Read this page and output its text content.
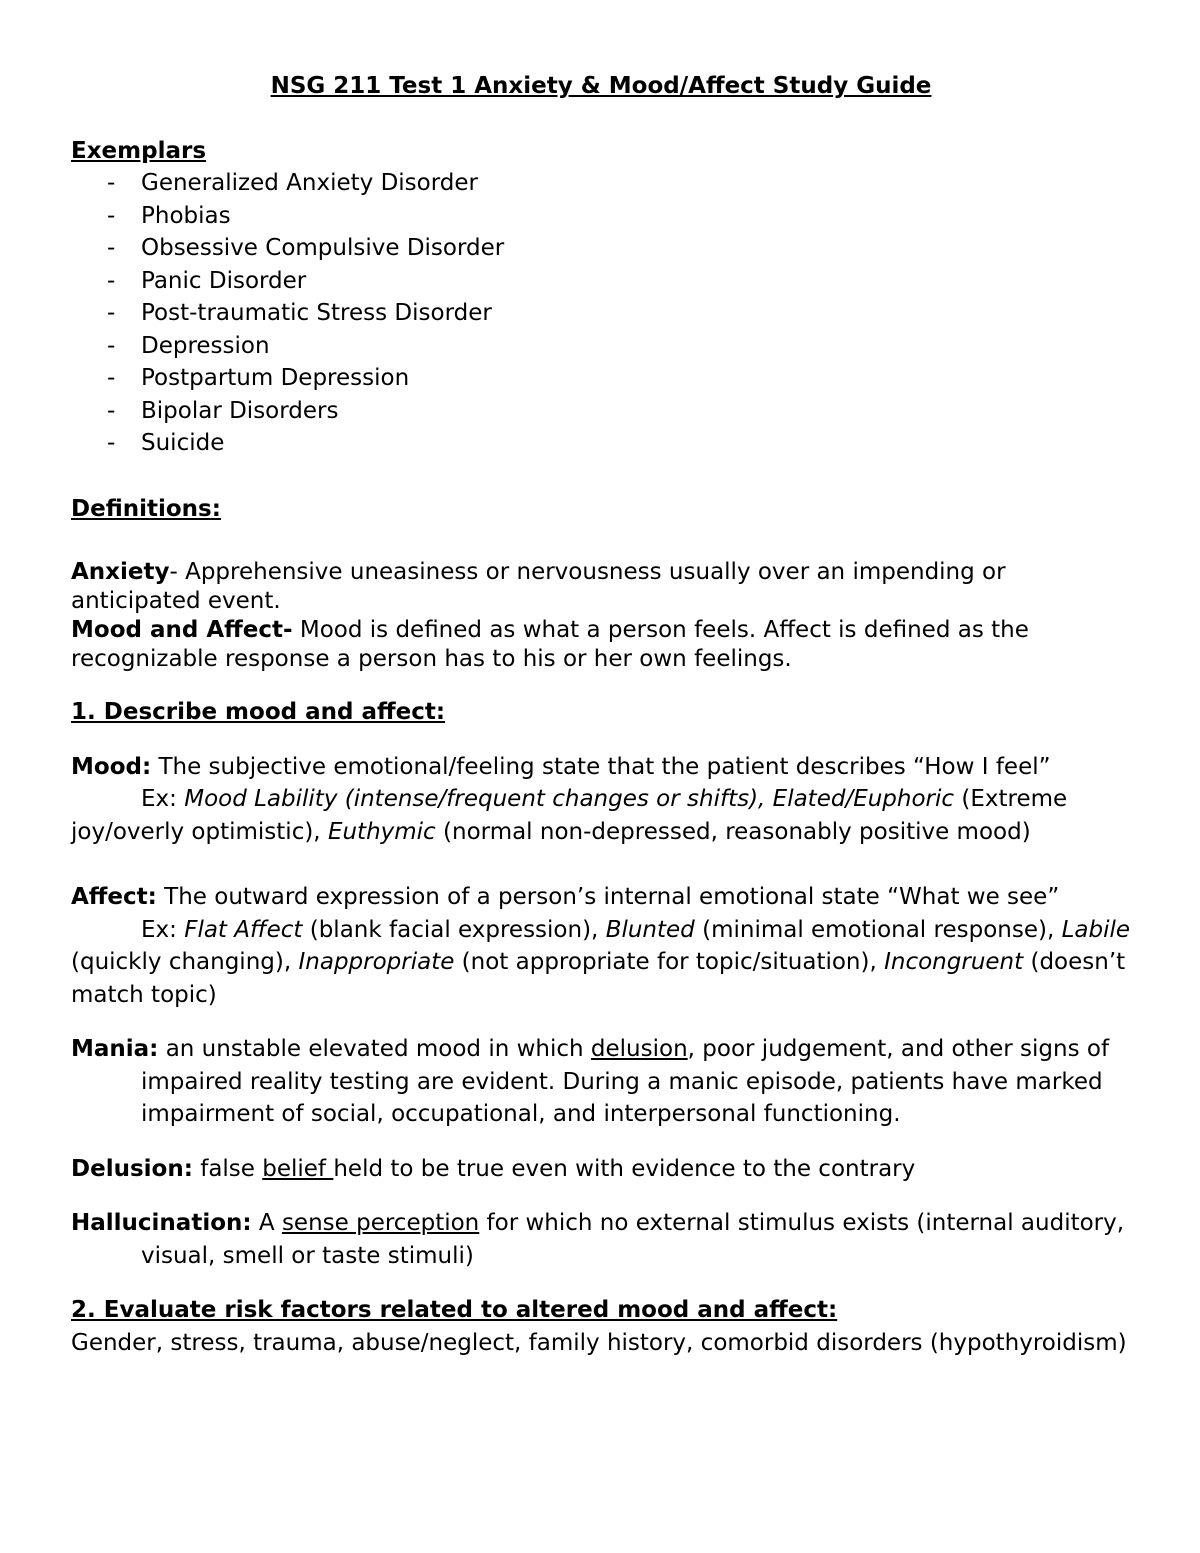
NSG 211 Test 1 Anxiety & Mood/Affect Study Guide

Exemplars

- Generalized Anxiety Disorder
- Phobias
- Obsessive Compulsive Disorder
- Panic Disorder
- Post-traumatic Stress Disorder
- Depression
- Postpartum Depression
- Bipolar Disorders
- Suicide

Definitions:

Anxiety- Apprehensive uneasiness or nervousness usually over an impending or anticipated event.

Mood and Affect- Mood is defined as what a person feels. Affect is defined as the recognizable response a person has to his or her own feelings.

1. Describe mood and affect:

Mood: The subjective emotional/feeling state that the patient describes “How I feel”

Ex: Mood Lability (intense/frequent changes or shifts), Elated/Euphoric (Extreme joy/overly optimistic), Euthymic (normal non-depressed, reasonably positive mood)

Affect: The outward expression of a person’s internal emotional state “What we see”

Ex: Flat Affect (blank facial expression), Blunted (minimal emotional response), Labile (quickly changing), Inappropriate (not appropriate for topic/situation), Incongruent (doesn’t match topic)

Mania: an unstable elevated mood in which delusion, poor judgement, and other signs of impaired reality testing are evident. During a manic episode, patients have marked impairment of social, occupational, and interpersonal functioning.

Delusion: false belief held to be true even with evidence to the contrary

Hallucination: A sense perception for which no external stimulus exists (internal auditory, visual, smell or taste stimuli)

2. Evaluate risk factors related to altered mood and affect:

Gender, stress, trauma, abuse/neglect, family history, comorbid disorders (hypothyroidism)
